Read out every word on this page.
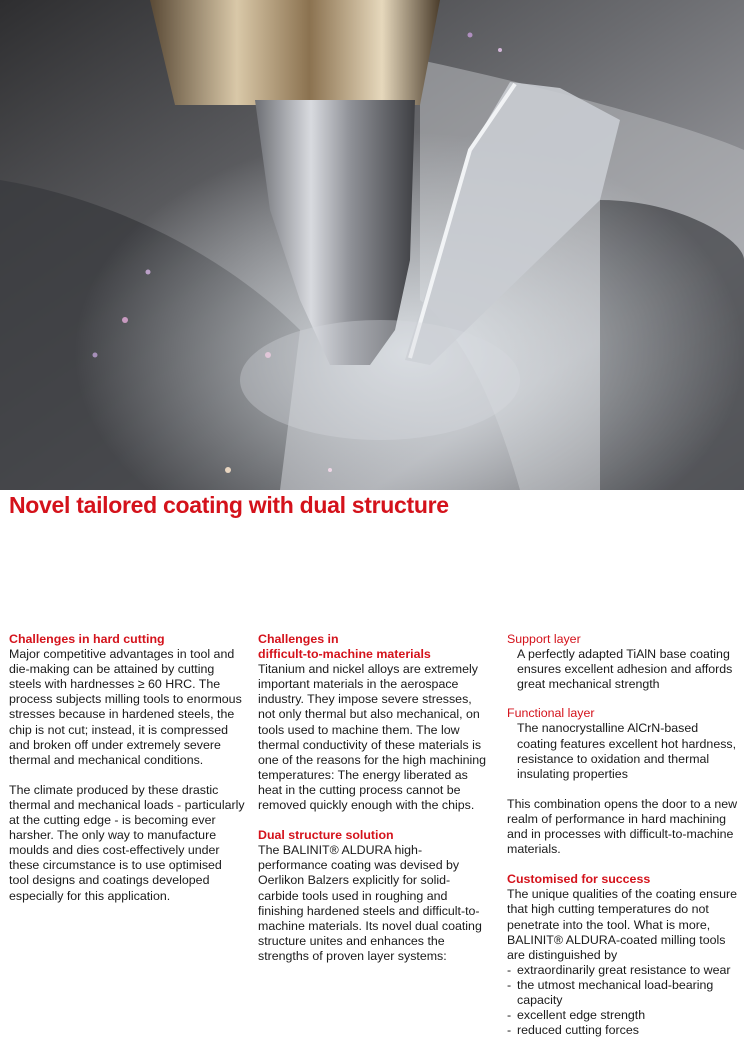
Novel tailored coating with dual structure

Challenges in hard cutting

Major competitive advantages in tool and die-making can be attained by cutting steels with hardnesses ≥ 60 HRC. The process subjects milling tools to enormous stresses because in hardened steels, the chip is not cut; instead, it is compressed and broken off under extremely severe thermal and mechanical conditions.

The climate produced by these drastic thermal and mechanical loads - particularly at the cutting edge - is becoming ever harsher. The only way to manufacture moulds and dies cost-effectively under these circumstance is to use optimised tool designs and coatings developed especially for this application.

Challenges in

difficult-to-machine materials

Titanium and nickel alloys are extremely important materials in the aerospace industry. They impose severe stresses, not only thermal but also mechanical, on tools used to machine them. The low thermal conductivity of these materials is one of the reasons for the high machining temperatures: The energy liberated as heat in the cutting process cannot be removed quickly enough with the chips.

Dual structure solution

The BALINIT® ALDURA high-performance coating was devised by Oerlikon Balzers explicitly for solid-carbide tools used in roughing and finishing hardened steels and difficult-to-machine materials. Its novel dual coating structure unites and enhances the strengths of proven layer systems:

Support layer

A perfectly adapted TiAlN base coating ensures excellent adhesion and affords great mechanical strength

Functional layer

The nanocrystalline AlCrN-based coating features excellent hot hardness, resistance to oxidation and thermal insulating properties

This combination opens the door to a new realm of performance in hard machining and in processes with difficult-to-machine materials.

Customised for success

The unique qualities of the coating ensure that high cutting temperatures do not penetrate into the tool. What is more, BALINIT® ALDURA-coated milling tools are distinguished by

- extraordinarily great resistance to wear
- the utmost mechanical load-bearing capacity
- excellent edge strength
- reduced cutting forces
